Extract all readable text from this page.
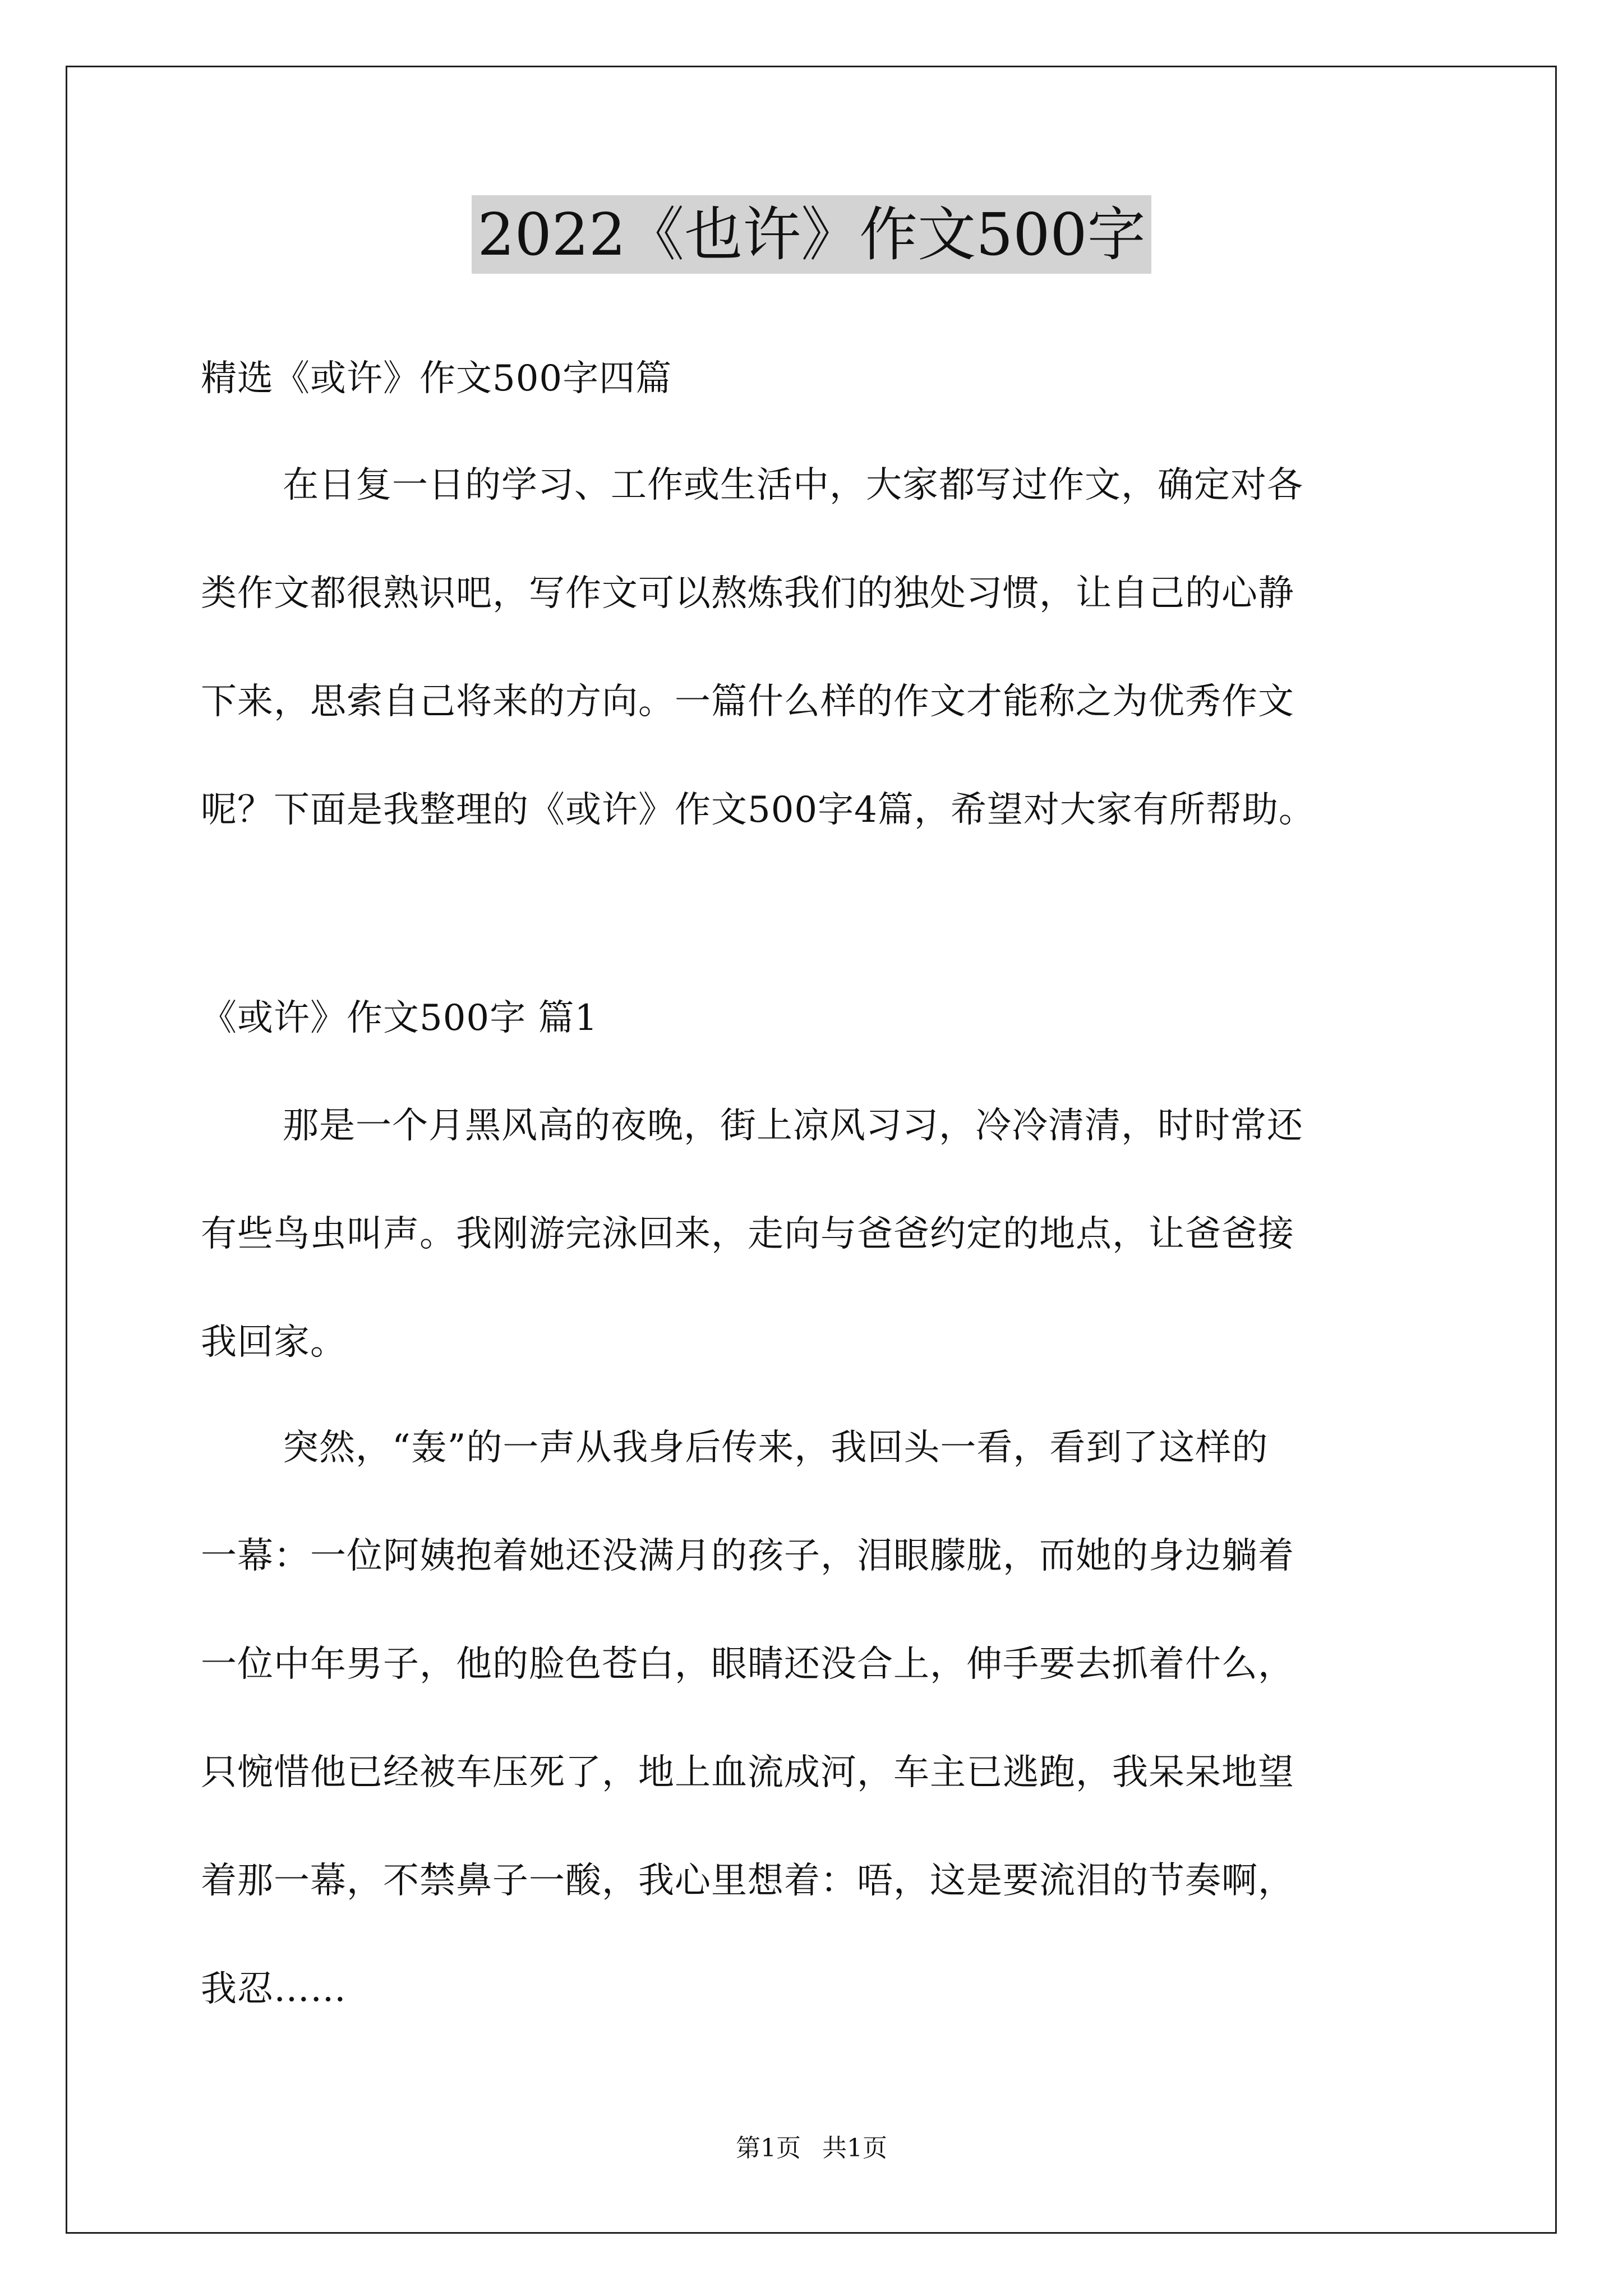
2022《也许》作文500字
精选《或许》作文500字四篇
在日复一日的学习、工作或生活中，大家都写过作文，确定对各
类作文都很熟识吧，写作文可以熬炼我们的独处习惯，让自己的心静
下来，思索自己将来的方向。一篇什么样的作文才能称之为优秀作文
呢？下面是我整理的《或许》作文500字4篇，希望对大家有所帮助。
《或许》作文500字 篇1
那是一个月黑风高的夜晚，街上凉风习习，冷冷清清，时时常还
有些鸟虫叫声。我刚游完泳回来，走向与爸爸约定的地点，让爸爸接
我回家。
突然，“轰”的一声从我身后传来，我回头一看，看到了这样的
一幕：一位阿姨抱着她还没满月的孩子，泪眼朦胧，而她的身边躺着
一位中年男子，他的脸色苍白，眼睛还没合上，伸手要去抓着什么，
只惋惜他已经被车压死了，地上血流成河，车主已逃跑，我呆呆地望
着那一幕，不禁鼻子一酸，我心里想着：唔，这是要流泪的节奏啊，
我忍……
第1页 共1页
